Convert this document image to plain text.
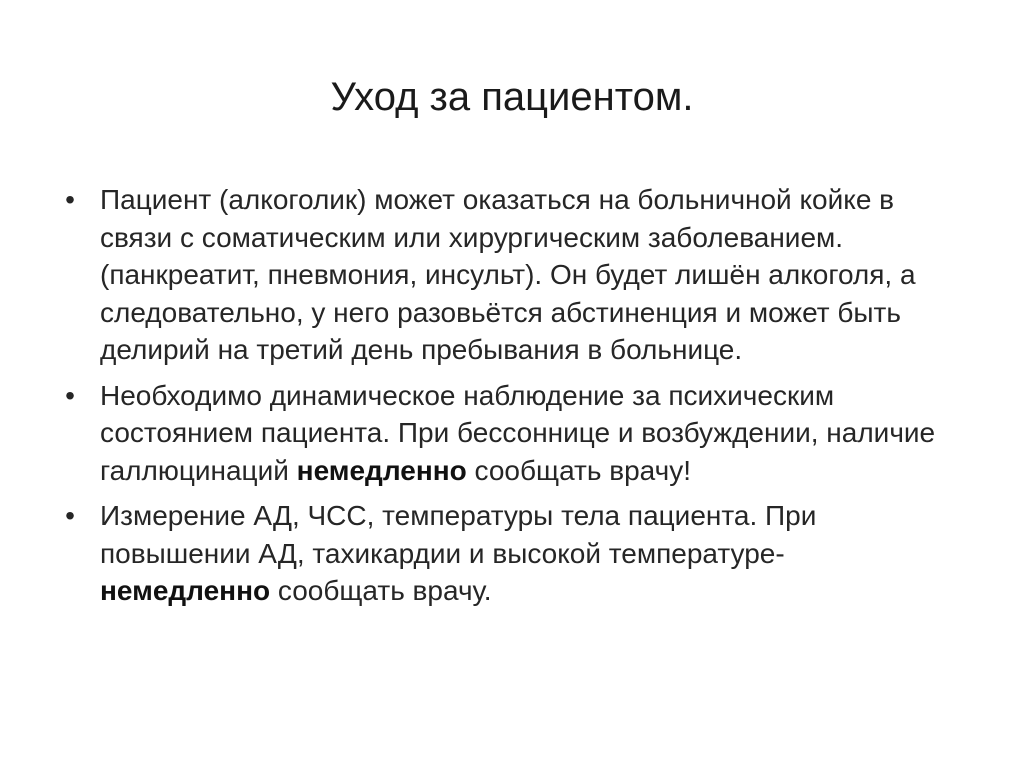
Уход за пациентом.
• Пациент (алкоголик) может оказаться на больничной койке в связи с соматическим или хирургическим заболеванием. (панкреатит, пневмония, инсульт). Он будет лишён алкоголя, а следовательно, у него разовьётся абстиненция и может быть делирий на третий день пребывания в больнице.
• Необходимо динамическое наблюдение за психическим состоянием пациента. При бессоннице и возбуждении, наличие галлюцинаций немедленно сообщать врачу!
• Измерение АД, ЧСС, температуры тела пациента. При повышении АД, тахикардии и высокой температуре- немедленно сообщать врачу.
